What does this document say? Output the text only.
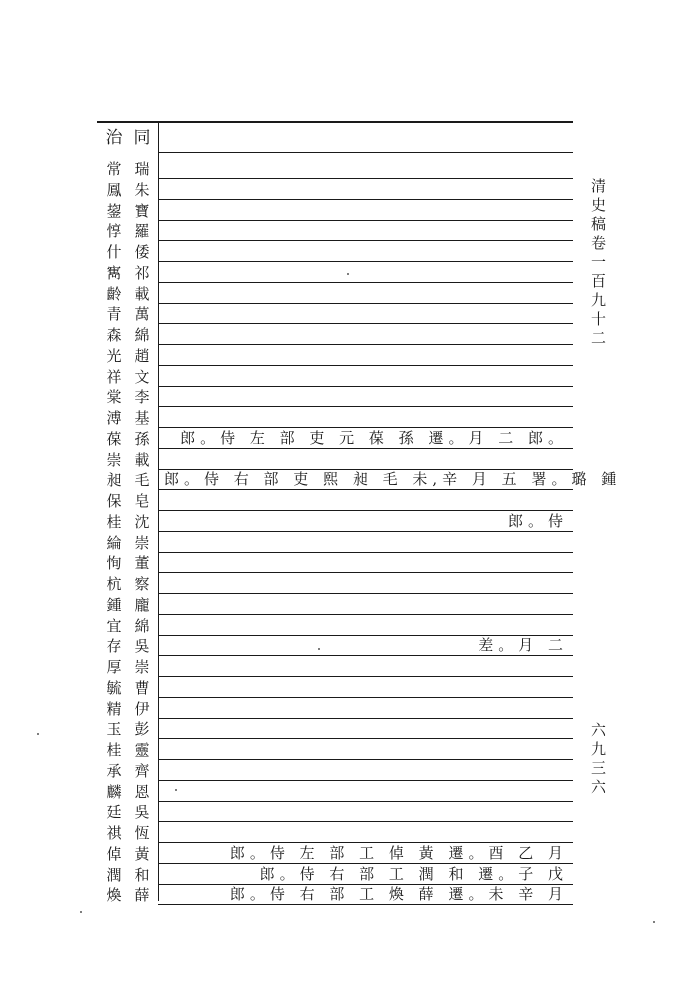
治 同
常 瑞
鳳 朱
鋆 寶
惇 羅
什 倭
寯 祁
齡 載
青 萬
森 綿
光 趙
祥 文
棠 李
溥 基
葆 孫	郎。侍 左 部 吏 元 葆 孫 遷。月 二 郎。
崇 載
昶 毛 郎。侍 右 部 吏 熙 昶 毛 未,辛 月 五 署。璐 鍾
保 皂
桂 沈	郎。侍
綸 崇
恂 董
杭 察
鍾 龐
宜 綿
存 吳	差。月 二
厚 崇
毓 曹
精 伊
玉 彭
桂 靈
承 齊
麟 恩
廷 吳
祺 恆
倬 黃	郎。侍 左 部 工 倬 黃 遷。酉 乙 月
潤 和	郎。侍 右 部 工 潤 和 遷。子 戊
煥 薛	郎。侍 右 部 工 煥 薛 遷。未 辛 月
清史稿卷一百九十二
六九三六
